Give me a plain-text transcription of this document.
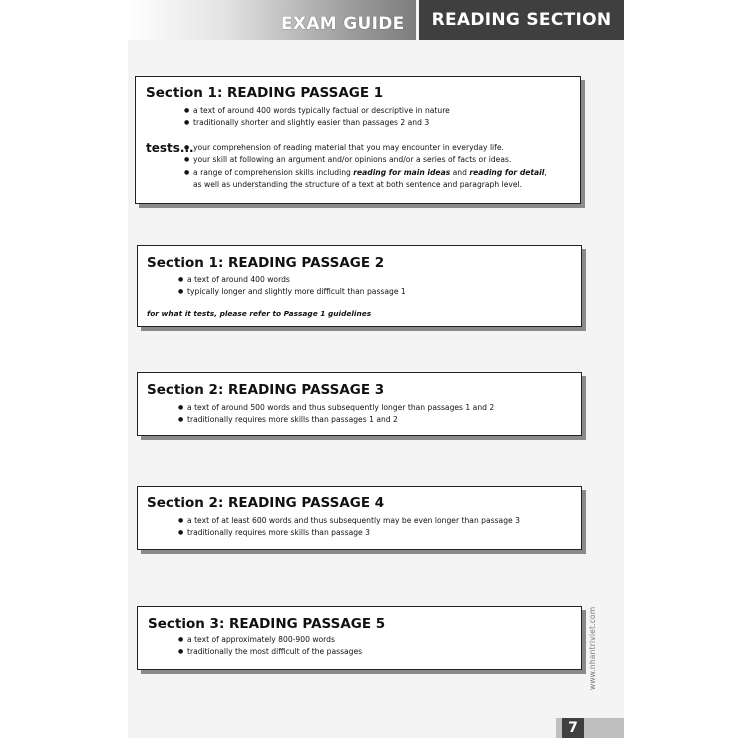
EXAM GUIDE READING SECTION
Section 1: READING PASSAGE 1
● a text of around 400 words typically factual or descriptive in nature
● traditionally shorter and slightly easier than passages 2 and 3
tests...
● your comprehension of reading material that you may encounter in everyday life.
● your skill at following an argument and/or opinions and/or a series of facts or ideas.
● a range of comprehension skills including reading for main ideas and reading for detail,
as well as understanding the structure of a text at both sentence and paragraph level.
Section 1: READING PASSAGE 2
● a text of around 400 words
● typically longer and slightly more difficult than passage 1
for what it tests, please refer to Passage 1 guidelines
Section 2: READING PASSAGE 3
● a text of around 500 words and thus subsequently longer than passages 1 and 2
● traditionally requires more skills than passages 1 and 2
Section 2: READING PASSAGE 4
● a text of at least 600 words and thus subsequently may be even longer than passage 3
● traditionally requires more skills than passage 3
Section 3: READING PASSAGE 5
● a text of approximately 800-900 words
● traditionally the most difficult of the passages	www.nhantriviet.com
7
